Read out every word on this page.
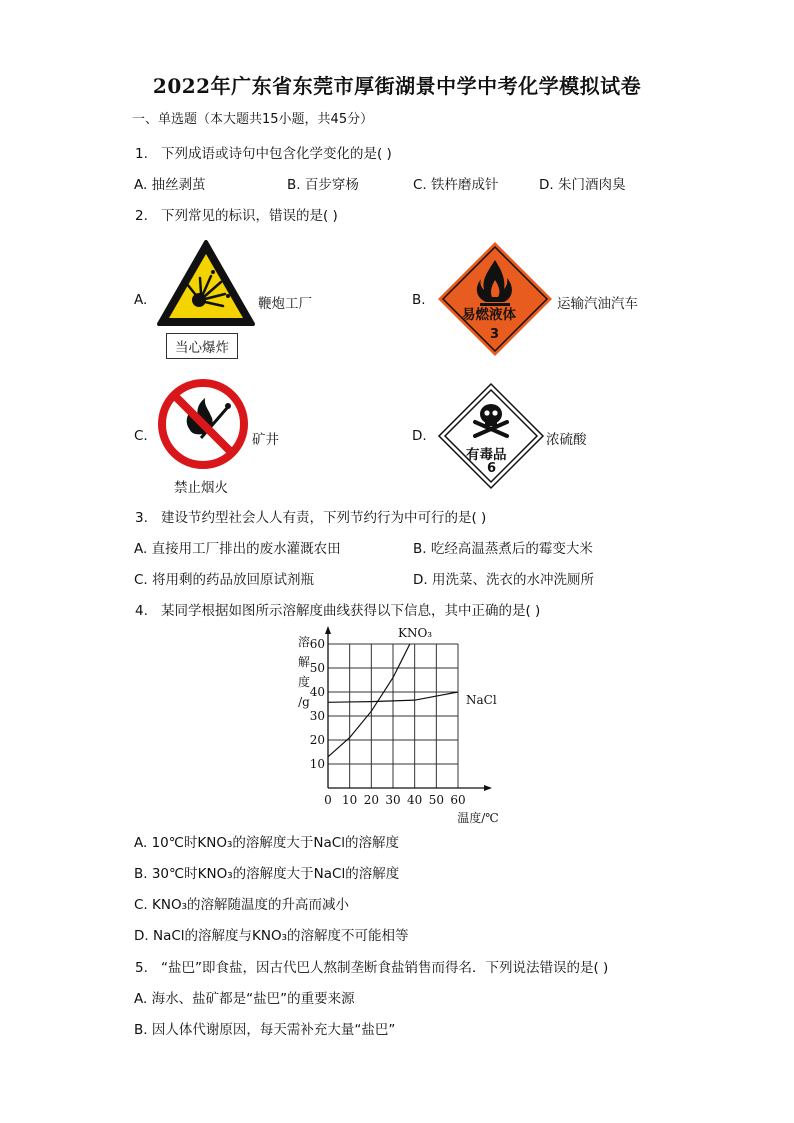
2022年广东省东莞市厚街湖景中学中考化学模拟试卷
一、单选题（本大题共15小题，共45分）
1. 下列成语或诗句中包含化学变化的是( )
A. 抽丝剥茧	B. 百步穿杨	C. 铁杵磨成针	D. 朱门酒肉臭
2. 下列常见的标识，错误的是( )
A.	鞭炮工厂
当心爆炸
B.
易燃液体
3
运输汽油汽车
C.	矿井
禁止烟火
D.
有毒品
6
浓硫酸
3. 建设节约型社会人人有责，下列节约行为中可行的是( )
A. 直接用工厂排出的废水灌溉农田	B. 吃经高温蒸煮后的霉变大米
C. 将用剩的药品放回原试剂瓶	D. 用洗菜、洗衣的水冲洗厕所
4. 某同学根据如图所示溶解度曲线获得以下信息，其中正确的是( )
0 10 20 30 40 50 60
10
20
30
40
50
60
溶
解
度
/g
温度/℃
KNO₃
NaCl
A. 10℃时KNO₃的溶解度大于NaCl的溶解度
B. 30℃时KNO₃的溶解度大于NaCl的溶解度
C. KNO₃的溶解随温度的升高而减小
D. NaCl的溶解度与KNO₃的溶解度不可能相等
5. “盐巴”即食盐，因古代巴人熬制垄断食盐销售而得名．下列说法错误的是( )
A. 海水、盐矿都是“盐巴”的重要来源
B. 因人体代谢原因，每天需补充大量“盐巴”
